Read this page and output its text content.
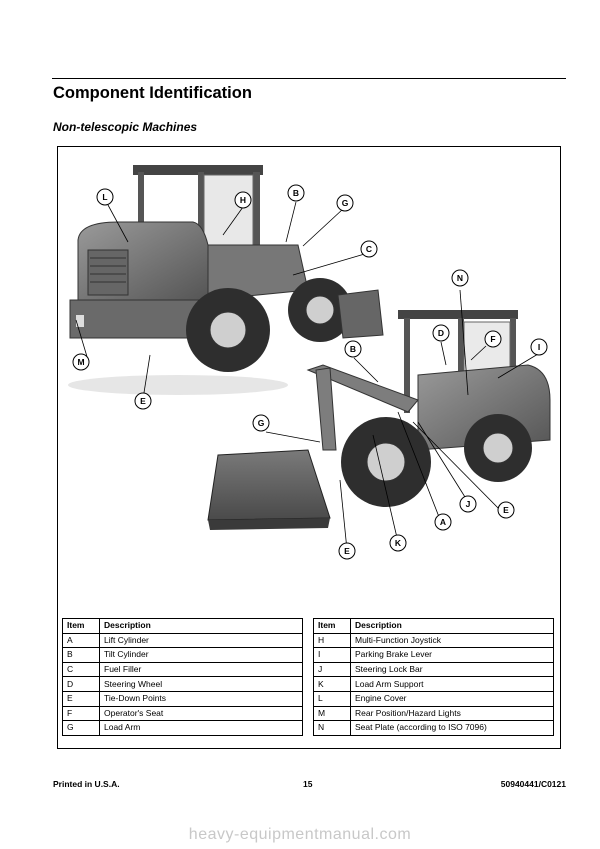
Component Identification
Non-telescopic Machines
L	H
B
G
C
N
D
F
I
B
M
E
G
J
E
A
K
E
Item	Description
A	Lift Cylinder
B	Tilt Cylinder
C	Fuel Filler
D	Steering Wheel
E	Tie-Down Points
F	Operator's Seat
G	Load Arm
Item	Description
H	Multi-Function Joystick
I	Parking Brake Lever
J	Steering Lock Bar
K	Load Arm Support
L	Engine Cover
M	Rear Position/Hazard Lights
N	Seat Plate (according to ISO 7096)
Printed in U.S.A.	15	50940441/C0121
heavy-equipmentmanual.com
